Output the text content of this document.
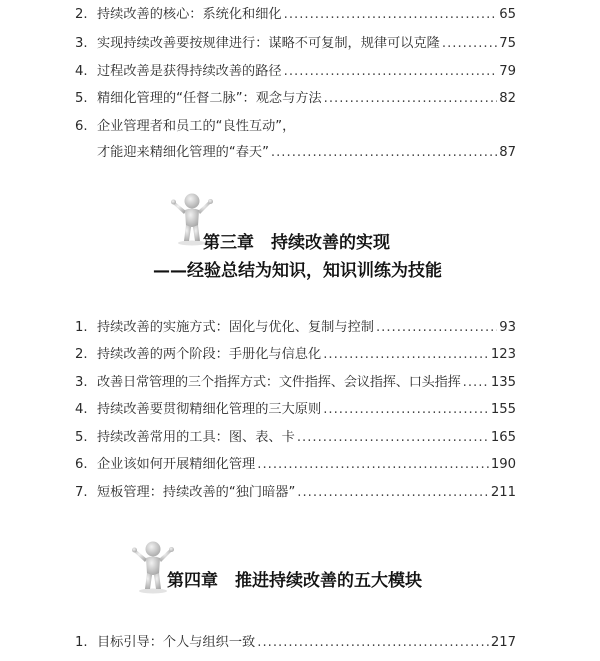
2. 持续改善的核心：系统化和细化 .....	65
3. 实现持续改善要按规律进行：谋略不可复制，规律可以克隆 .....	75
4. 过程改善是获得持续改善的路径 .....	79
5. 精细化管理的“任督二脉”：观念与方法 .....	82
6. 企业管理者和员工的“良性互动”，
才能迎来精细化管理的“春天” .....	87
第三章　持续改善的实现
——经验总结为知识，知识训练为技能
1. 持续改善的实施方式：固化与优化、复制与控制 .....	93
2. 持续改善的两个阶段：手册化与信息化 .....	123
3. 改善日常管理的三个指挥方式：文件指挥、会议指挥、口头指挥 ..... 135
4. 持续改善要贯彻精细化管理的三大原则 .....	155
5. 持续改善常用的工具：图、表、卡 .....	165
6. 企业该如何开展精细化管理 .....	190
7. 短板管理：持续改善的“独门暗器” .....	211
第四章　推进持续改善的五大模块
1. 目标引导：个人与组织一致 .....	217
